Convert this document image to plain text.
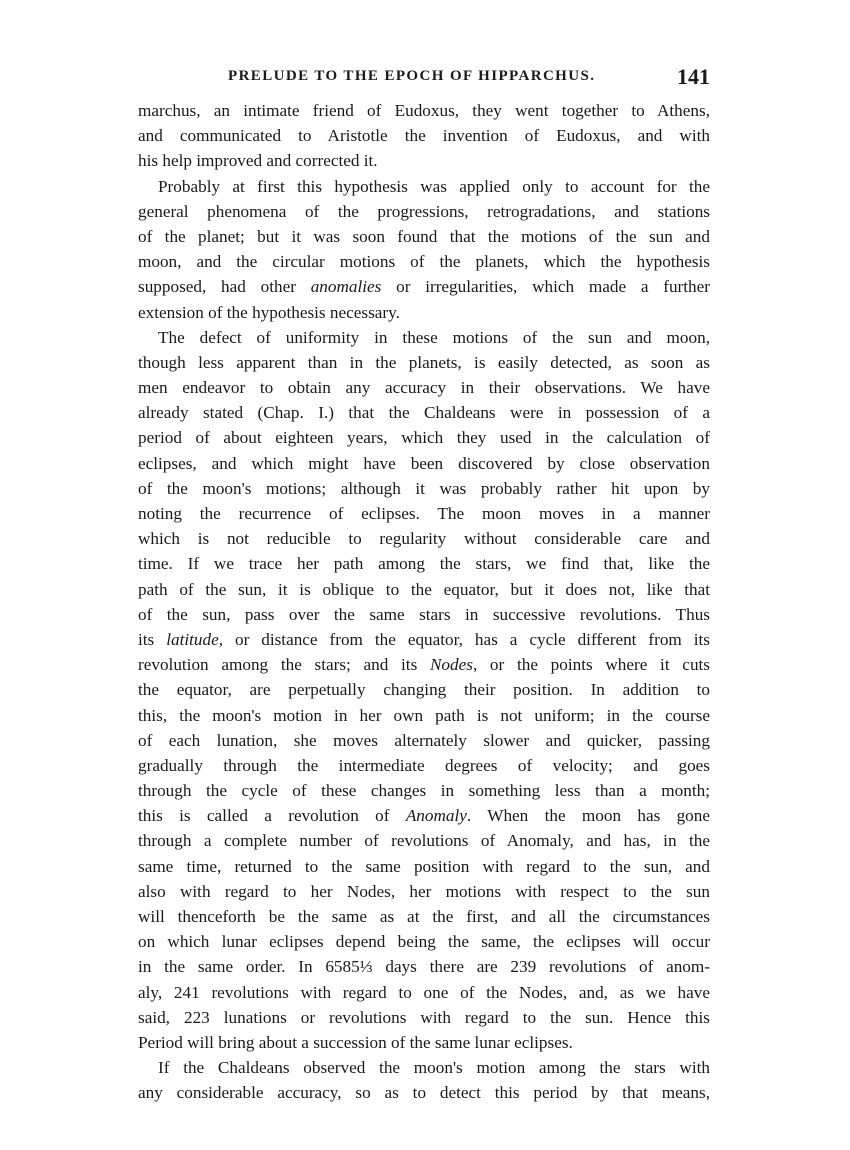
PRELUDE TO THE EPOCH OF HIPPARCHUS.	141
marchus, an intimate friend of Eudoxus, they went together to Athens,
and communicated to Aristotle the invention of Eudoxus, and with
his help improved and corrected it.
Probably at first this hypothesis was applied only to account for the
general phenomena of the progressions, retrogradations, and stations
of the planet; but it was soon found that the motions of the sun and
moon, and the circular motions of the planets, which the hypothesis
supposed, had other anomalies or irregularities, which made a further
extension of the hypothesis necessary.
The defect of uniformity in these motions of the sun and moon,
though less apparent than in the planets, is easily detected, as soon as
men endeavor to obtain any accuracy in their observations. We have
already stated (Chap. I.) that the Chaldeans were in possession of a
period of about eighteen years, which they used in the calculation of
eclipses, and which might have been discovered by close observation
of the moon's motions; although it was probably rather hit upon by
noting the recurrence of eclipses. The moon moves in a manner
which is not reducible to regularity without considerable care and
time. If we trace her path among the stars, we find that, like the
path of the sun, it is oblique to the equator, but it does not, like that
of the sun, pass over the same stars in successive revolutions. Thus
its latitude, or distance from the equator, has a cycle different from its
revolution among the stars; and its Nodes, or the points where it cuts
the equator, are perpetually changing their position. In addition to
this, the moon's motion in her own path is not uniform; in the course
of each lunation, she moves alternately slower and quicker, passing
gradually through the intermediate degrees of velocity; and goes
through the cycle of these changes in something less than a month;
this is called a revolution of Anomaly. When the moon has gone
through a complete number of revolutions of Anomaly, and has, in the
same time, returned to the same position with regard to the sun, and
also with regard to her Nodes, her motions with respect to the sun
will thenceforth be the same as at the first, and all the circumstances
on which lunar eclipses depend being the same, the eclipses will occur
in the same order. In 6585⅓ days there are 239 revolutions of anom-
aly, 241 revolutions with regard to one of the Nodes, and, as we have
said, 223 lunations or revolutions with regard to the sun. Hence this
Period will bring about a succession of the same lunar eclipses.
If the Chaldeans observed the moon's motion among the stars with
any considerable accuracy, so as to detect this period by that means,
